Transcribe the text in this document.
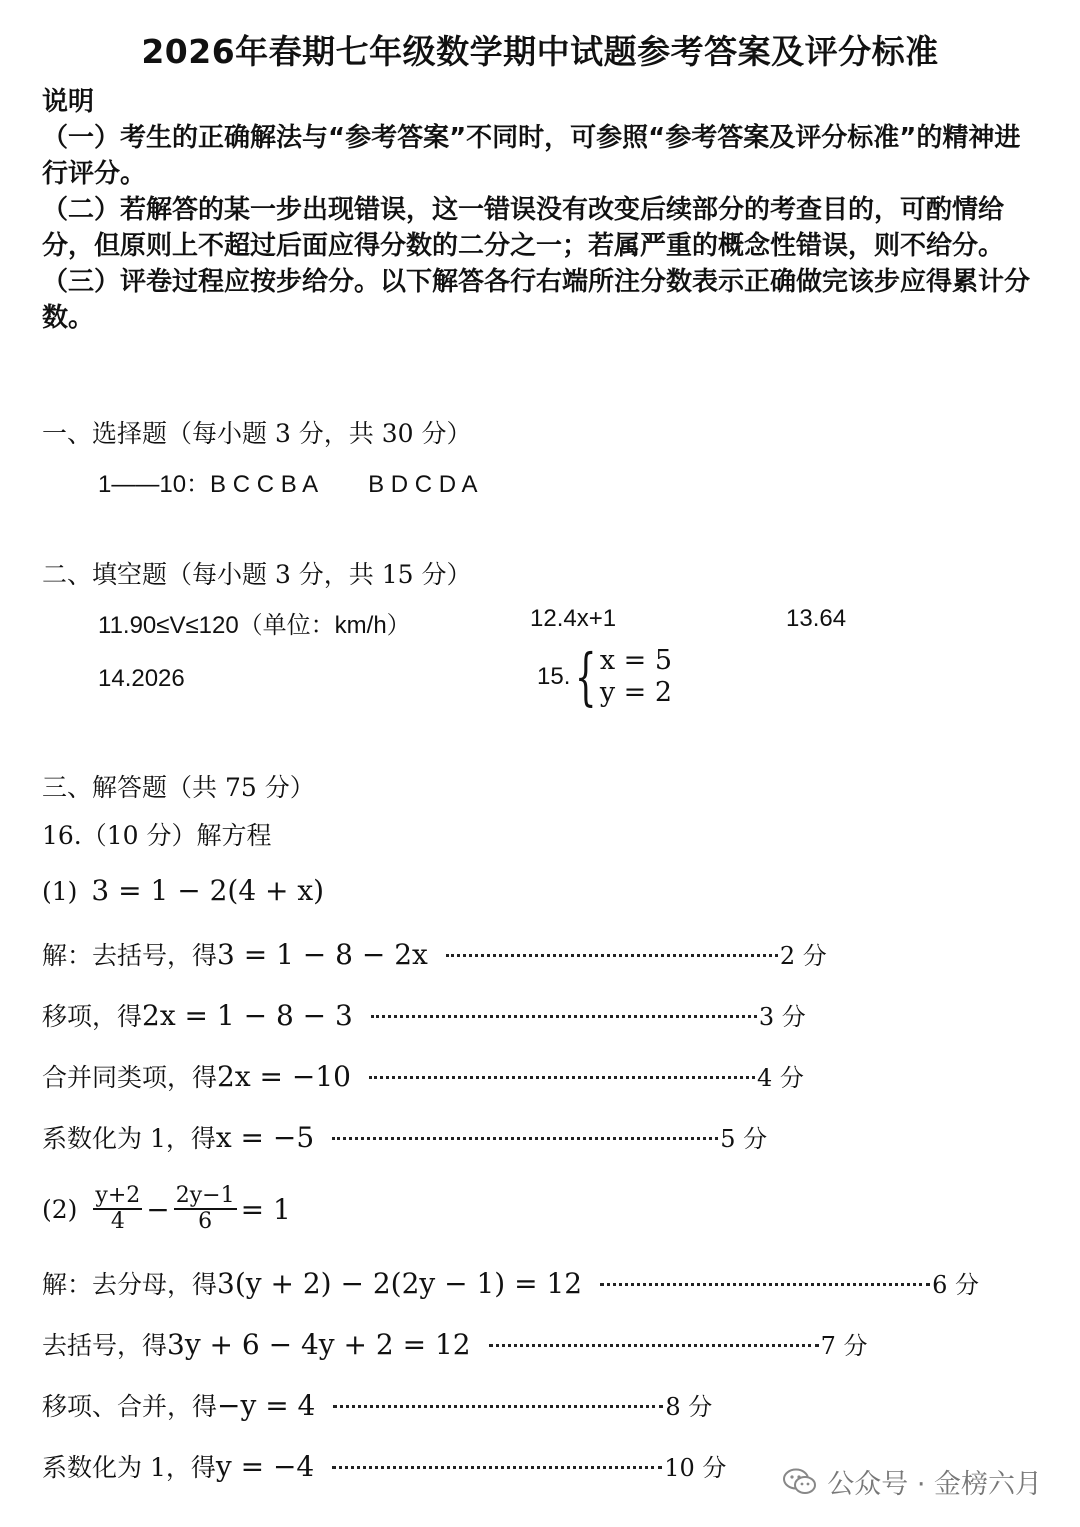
2026年春期七年级数学期中试题参考答案及评分标准

说明

（一）考生的正确解法与“参考答案”不同时，可参照“参考答案及评分标准”的精神进行评分。

（二）若解答的某一步出现错误，这一错误没有改变后续部分的考查目的，可酌情给分，但原则上不超过后面应得分数的二分之一；若属严重的概念性错误，则不给分。

（三）评卷过程应按步给分。以下解答各行右端所注分数表示正确做完该步应得累计分数。

一、选择题（每小题 3 分，共 30 分）
1——10：B C C B A B D C D A
二、填空题（每小题 3 分，共 15 分）
11.90≤V≤120（单位：km/h）	12.4x+1	13.64
14.2026	15. { x = 5
y = 2
三、解答题（共 75 分）
16.（10 分）解方程
(1) 3 = 1 − 2(4 + x)
解：去括号，得 3 = 1 − 8 − 2x	2 分
移项，得 2x = 1 − 8 − 3	3 分
合并同类项，得 2x = −10	4 分
系数化为 1，得 x = −5	5 分
$(2) \frac{y+2}{4} - \frac{2y-1}{6} = 1$
解：去分母，得 3(y + 2) − 2(2y − 1) = 12	6 分
去括号，得 3y + 6 − 4y + 2 = 12	7 分
移项、合并，得 −y = 4	8 分
系数化为 1，得 y = −4	10 分
公众号 · 金榜六月
